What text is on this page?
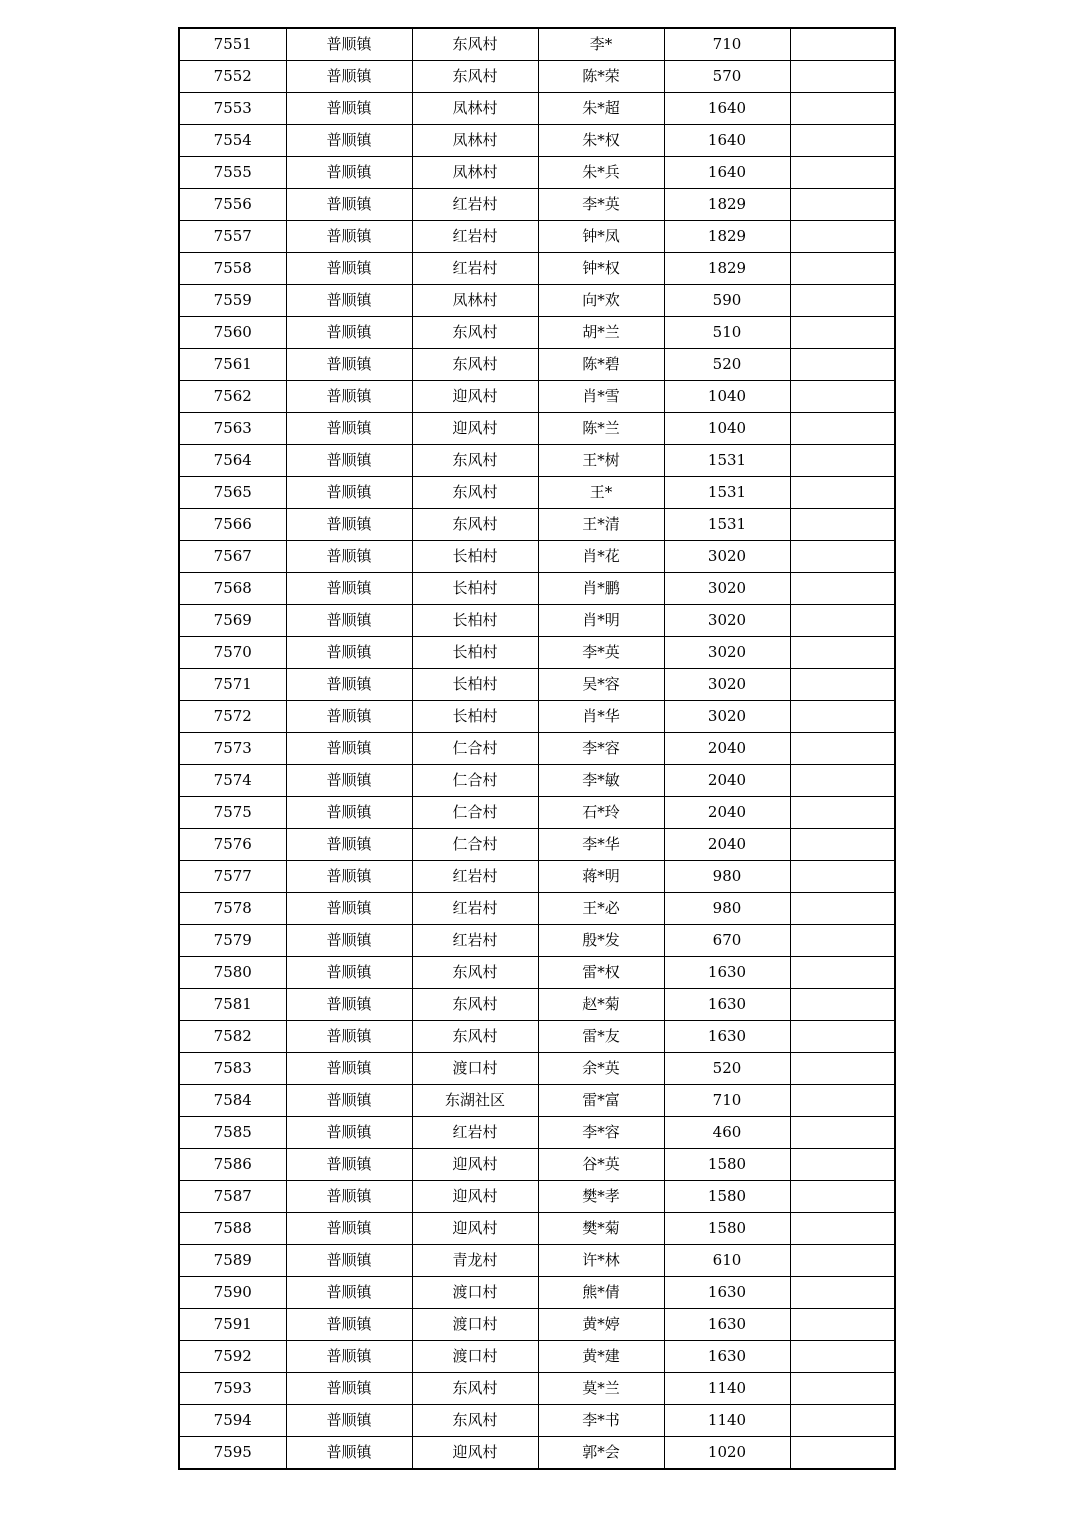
7551	普顺镇	东风村	李*	710	
7552	普顺镇	东风村	陈*荣	570	
7553	普顺镇	凤林村	朱*超	1640	
7554	普顺镇	凤林村	朱*权	1640	
7555	普顺镇	凤林村	朱*兵	1640	
7556	普顺镇	红岩村	李*英	1829	
7557	普顺镇	红岩村	钟*凤	1829	
7558	普顺镇	红岩村	钟*权	1829	
7559	普顺镇	凤林村	向*欢	590	
7560	普顺镇	东风村	胡*兰	510	
7561	普顺镇	东风村	陈*碧	520	
7562	普顺镇	迎风村	肖*雪	1040	
7563	普顺镇	迎风村	陈*兰	1040	
7564	普顺镇	东风村	王*树	1531	
7565	普顺镇	东风村	王*	1531	
7566	普顺镇	东风村	王*清	1531	
7567	普顺镇	长柏村	肖*花	3020	
7568	普顺镇	长柏村	肖*鹏	3020	
7569	普顺镇	长柏村	肖*明	3020	
7570	普顺镇	长柏村	李*英	3020	
7571	普顺镇	长柏村	吴*容	3020	
7572	普顺镇	长柏村	肖*华	3020	
7573	普顺镇	仁合村	李*容	2040	
7574	普顺镇	仁合村	李*敏	2040	
7575	普顺镇	仁合村	石*玲	2040	
7576	普顺镇	仁合村	李*华	2040	
7577	普顺镇	红岩村	蒋*明	980	
7578	普顺镇	红岩村	王*必	980	
7579	普顺镇	红岩村	殷*发	670	
7580	普顺镇	东风村	雷*权	1630	
7581	普顺镇	东风村	赵*菊	1630	
7582	普顺镇	东风村	雷*友	1630	
7583	普顺镇	渡口村	余*英	520	
7584	普顺镇	东湖社区	雷*富	710	
7585	普顺镇	红岩村	李*容	460	
7586	普顺镇	迎风村	谷*英	1580	
7587	普顺镇	迎风村	樊*孝	1580	
7588	普顺镇	迎风村	樊*菊	1580	
7589	普顺镇	青龙村	许*林	610	
7590	普顺镇	渡口村	熊*倩	1630	
7591	普顺镇	渡口村	黄*婷	1630	
7592	普顺镇	渡口村	黄*建	1630	
7593	普顺镇	东风村	莫*兰	1140	
7594	普顺镇	东风村	李*书	1140	
7595	普顺镇	迎风村	郭*会	1020	
